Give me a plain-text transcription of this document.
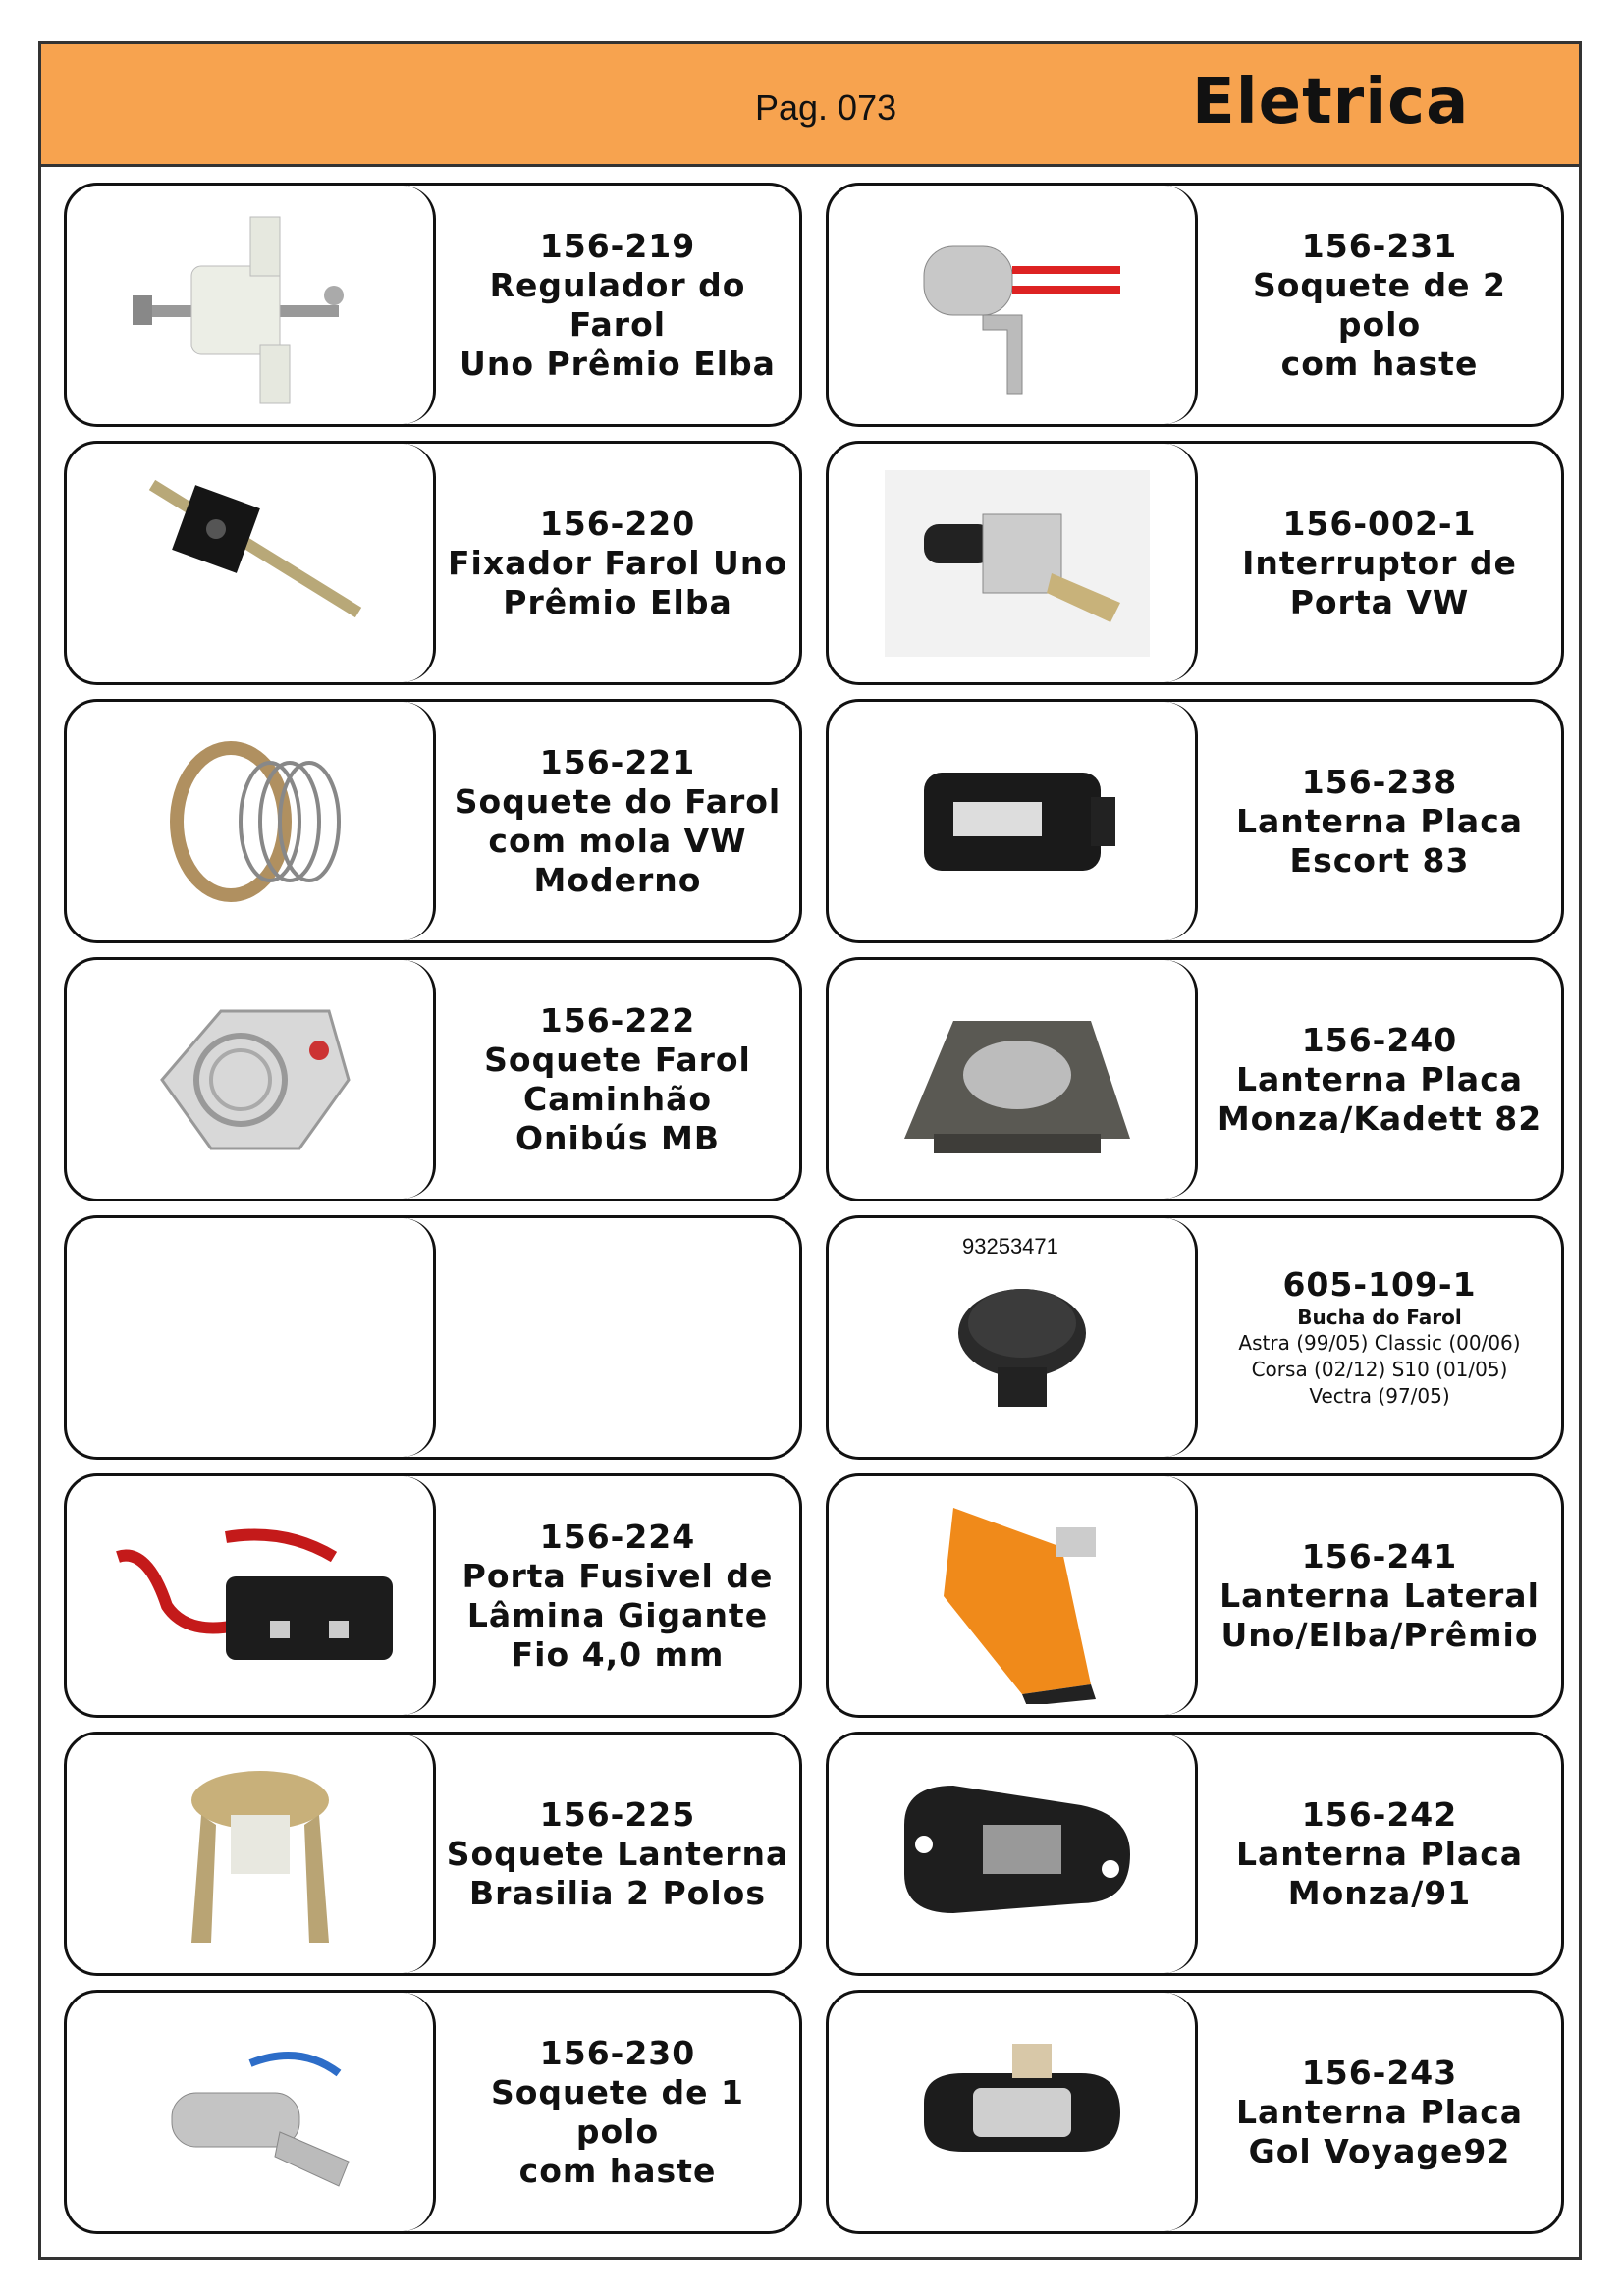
Pag. 073	Eletrica
156-219
Regulador do Farol
Uno Prêmio Elba
156-231
Soquete de 2 polo
com haste
156-220
Fixador Farol Uno
Prêmio Elba
156-002-1
Interruptor de
Porta VW
156-221
Soquete do Farol
com mola VW
Moderno
156-238
Lanterna Placa
Escort 83
156-222
Soquete Farol
Caminhão
Onibús MB
156-240
Lanterna Placa
Monza/Kadett 82
93253471
605-109-1
Bucha do Farol
Astra (99/05) Classic (00/06)
Corsa (02/12) S10 (01/05)
Vectra (97/05)
156-224
Porta Fusivel de
Lâmina Gigante
Fio 4,0 mm
156-241
Lanterna Lateral
Uno/Elba/Prêmio
156-225
Soquete Lanterna
Brasilia 2 Polos
156-242
Lanterna Placa
Monza/91
156-230
Soquete de 1 polo
com haste
156-243
Lanterna Placa
Gol Voyage92
